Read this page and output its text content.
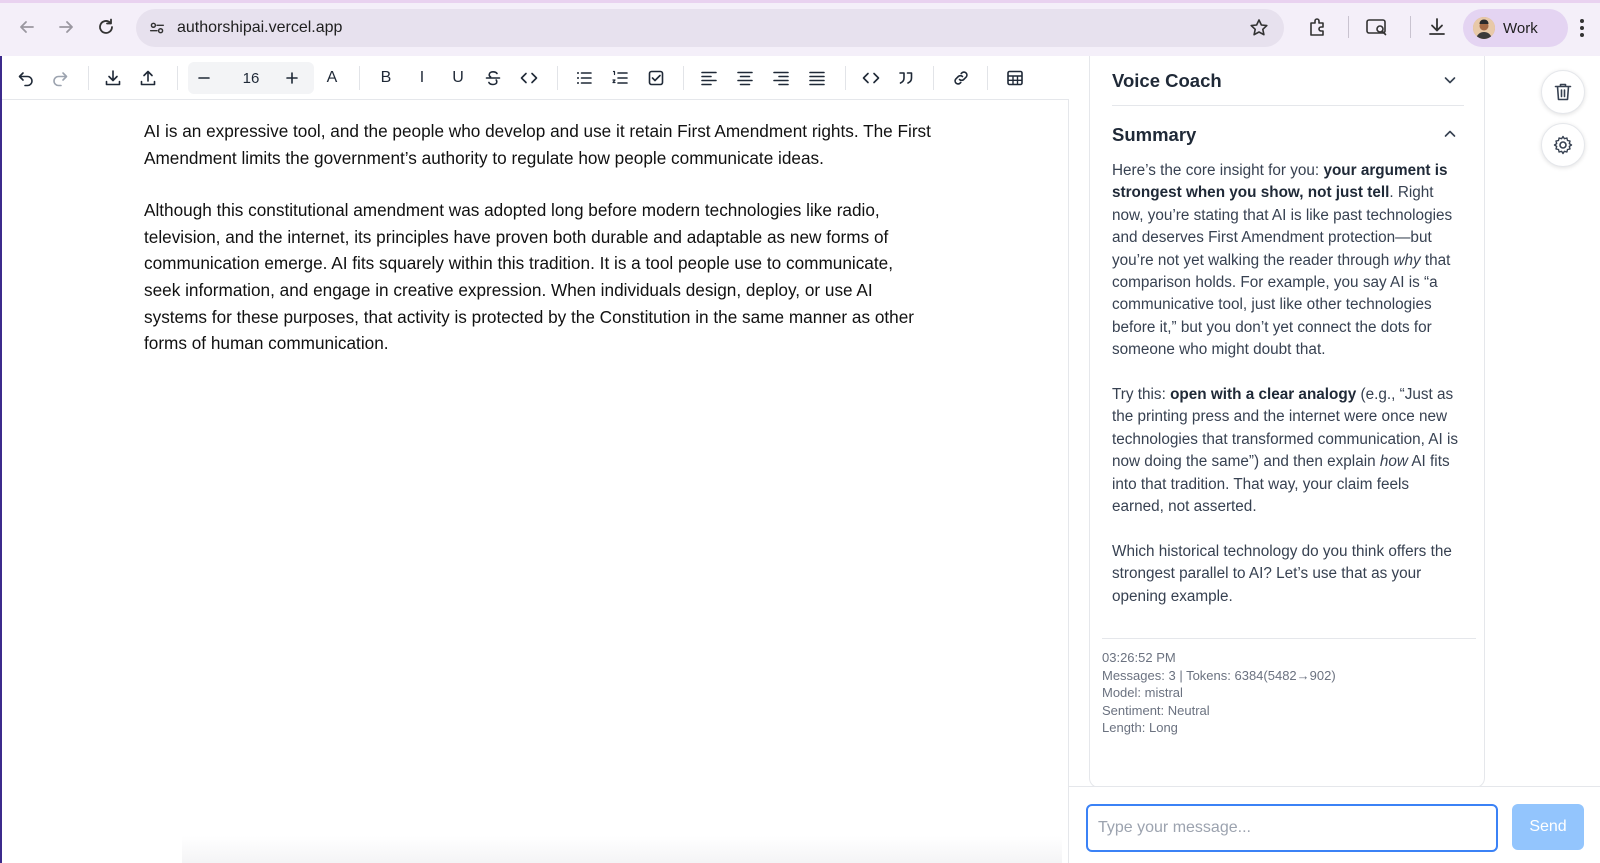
authorshipai.vercel.app	Work
16	A	B I U

AI is an expressive tool, and the people who develop and use it retain First Amendment rights. The First Amendment limits the government’s authority to regulate how people communicate ideas.

Although this constitutional amendment was adopted long before modern technologies like radio, television, and the internet, its principles have proven both durable and adaptable as new forms of communication emerge. AI fits squarely within this tradition. It is a tool people use to communicate, seek information, and engage in creative expression. When individuals design, deploy, or use AI systems for these purposes, that activity is protected by the Constitution in the same manner as other forms of human communication.

Voice Coach
Summary

Here’s the core insight for you: your argument is strongest when you show, not just tell. Right now, you’re stating that AI is like past technologies and deserves First Amendment protection—but you’re not yet walking the reader through why that comparison holds. For example, you say AI is “a communicative tool, just like other technologies before it,” but you don’t yet connect the dots for someone who might doubt that.

Try this: open with a clear analogy (e.g., “Just as the printing press and the internet were once new technologies that transformed communication, AI is now doing the same”) and then explain how AI fits into that tradition. That way, your claim feels earned, not asserted.

Which historical technology do you think offers the strongest parallel to AI? Let’s use that as your opening example.

03:26:52 PM
Messages: 3 | Tokens: 6384(5482→902)
Model: mistral
Sentiment: Neutral
Length: Long
Type your message...
Send
